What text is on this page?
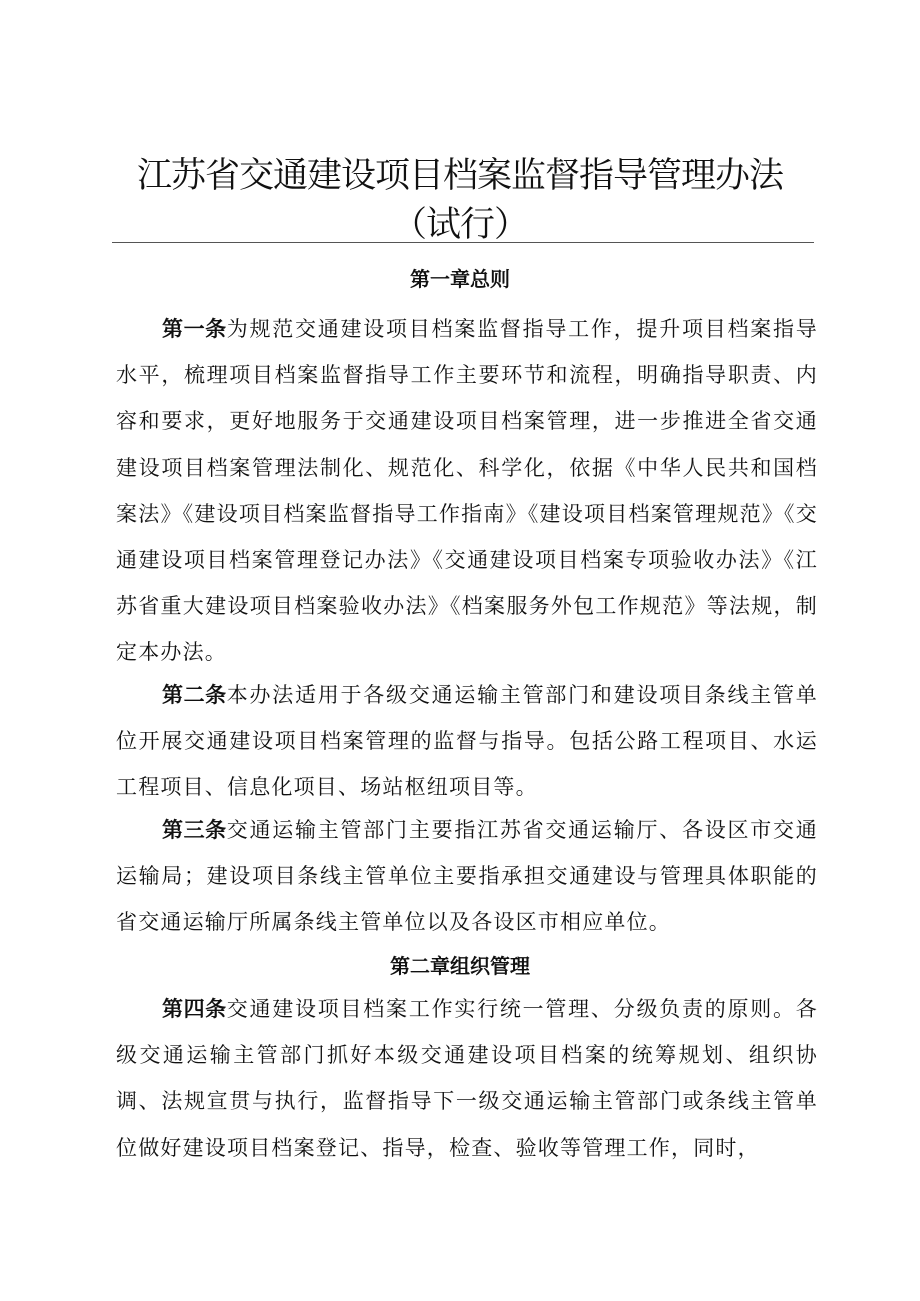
江苏省交通建设项目档案监督指导管理办法
（试行）
第一章总则

第一条为规范交通建设项目档案监督指导工作，提升项目档案指导水平，梳理项目档案监督指导工作主要环节和流程，明确指导职责、内容和要求，更好地服务于交通建设项目档案管理，进一步推进全省交通建设项目档案管理法制化、规范化、科学化，依据《中华人民共和国档案法》《建设项目档案监督指导工作指南》《建设项目档案管理规范》《交通建设项目档案管理登记办法》《交通建设项目档案专项验收办法》《江苏省重大建设项目档案验收办法》《档案服务外包工作规范》等法规，制定本办法。

第二条本办法适用于各级交通运输主管部门和建设项目条线主管单位开展交通建设项目档案管理的监督与指导。包括公路工程项目、水运工程项目、信息化项目、场站枢纽项目等。

第三条交通运输主管部门主要指江苏省交通运输厅、各设区市交通运输局；建设项目条线主管单位主要指承担交通建设与管理具体职能的省交通运输厅所属条线主管单位以及各设区市相应单位。

第二章组织管理

第四条交通建设项目档案工作实行统一管理、分级负责的原则。各级交通运输主管部门抓好本级交通建设项目档案的统筹规划、组织协调、法规宣贯与执行，监督指导下一级交通运输主管部门或条线主管单位做好建设项目档案登记、指导，检查、验收等管理工作，同时，
